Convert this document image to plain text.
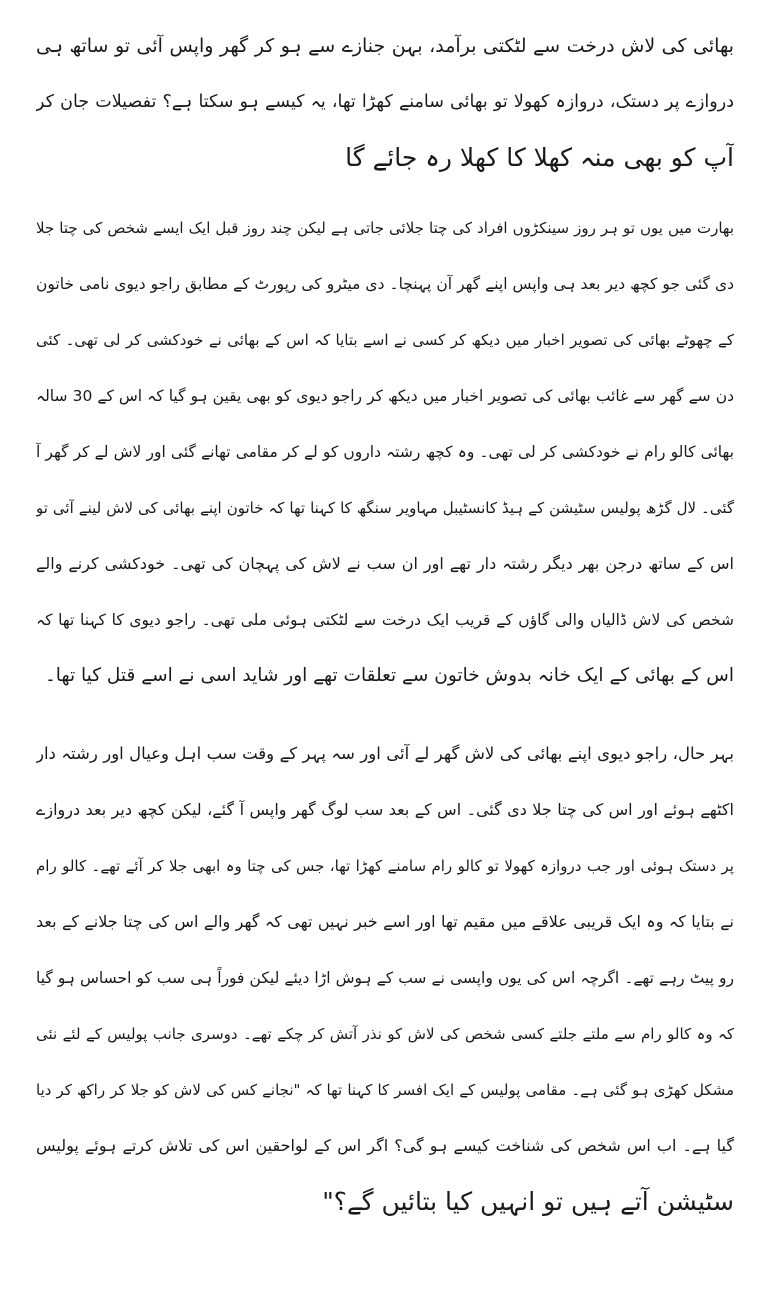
بھائی کی لاش درخت سے لٹکتی برآمد، بہن جنازے سے ہو کر گھر واپس آئی تو ساتھ ہی
دروازے پر دستک، دروازہ کھولا تو بھائی سامنے کھڑا تھا، یہ کیسے ہو سکتا ہے؟ تفصیلات جان کر
آپ کو بھی منہ کھلا کا کھلا رہ جائے گا
بھارت میں یوں تو ہر روز سینکڑوں افراد کی چتا جلائی جاتی ہے لیکن چند روز قبل ایک ایسے شخص کی چتا جلا
دی گئی جو کچھ دیر بعد ہی واپس اپنے گھر آن پہنچا۔ دی میٹرو کی رپورٹ کے مطابق راجو دیوی نامی خاتون
کے چھوٹے بھائی کی تصویر اخبار میں دیکھ کر کسی نے اسے بتایا کہ اس کے بھائی نے خودکشی کر لی تھی۔ کئی
دن سے گھر سے غائب بھائی کی تصویر اخبار میں دیکھ کر راجو دیوی کو بھی یقین ہو گیا کہ اس کے 30 سالہ
بھائی کالو رام نے خودکشی کر لی تھی۔ وہ کچھ رشتہ داروں کو لے کر مقامی تھانے گئی اور لاش لے کر گھر آ
گئی۔ لال گڑھ پولیس سٹیشن کے ہیڈ کانسٹیبل مہاویر سنگھ کا کہنا تھا کہ خاتون اپنے بھائی کی لاش لینے آئی تو
اس کے ساتھ درجن بھر دیگر رشتہ دار تھے اور ان سب نے لاش کی پہچان کی تھی۔ خودکشی کرنے والے
شخص کی لاش ڈالیاں والی گاؤں کے قریب ایک درخت سے لٹکتی ہوئی ملی تھی۔ راجو دیوی کا کہنا تھا کہ
اس کے بھائی کے ایک خانہ بدوش خاتون سے تعلقات تھے اور شاید اسی نے اسے قتل کیا تھا۔
بہر حال، راجو دیوی اپنے بھائی کی لاش گھر لے آئی اور سہ پہر کے وقت سب اہل وعیال اور رشتہ دار
اکٹھے ہوئے اور اس کی چتا جلا دی گئی۔ اس کے بعد سب لوگ گھر واپس آ گئے، لیکن کچھ دیر بعد دروازے
پر دستک ہوئی اور جب دروازہ کھولا تو کالو رام سامنے کھڑا تھا، جس کی چتا وہ ابھی جلا کر آئے تھے۔ کالو رام
نے بتایا کہ وہ ایک قریبی علاقے میں مقیم تھا اور اسے خبر نہیں تھی کہ گھر والے اس کی چتا جلانے کے بعد
رو پیٹ رہے تھے۔ اگرچہ اس کی یوں واپسی نے سب کے ہوش اڑا دیئے لیکن فوراً ہی سب کو احساس ہو گیا
کہ وہ کالو رام سے ملتے جلتے کسی شخص کی لاش کو نذر آتش کر چکے تھے۔ دوسری جانب پولیس کے لئے نئی
مشکل کھڑی ہو گئی ہے۔ مقامی پولیس کے ایک افسر کا کہنا تھا کہ "نجانے کس کی لاش کو جلا کر راکھ کر دیا
گیا ہے۔ اب اس شخص کی شناخت کیسے ہو گی؟ اگر اس کے لواحقین اس کی تلاش کرتے ہوئے پولیس
سٹیشن آتے ہیں تو انہیں کیا بتائیں گے؟"
